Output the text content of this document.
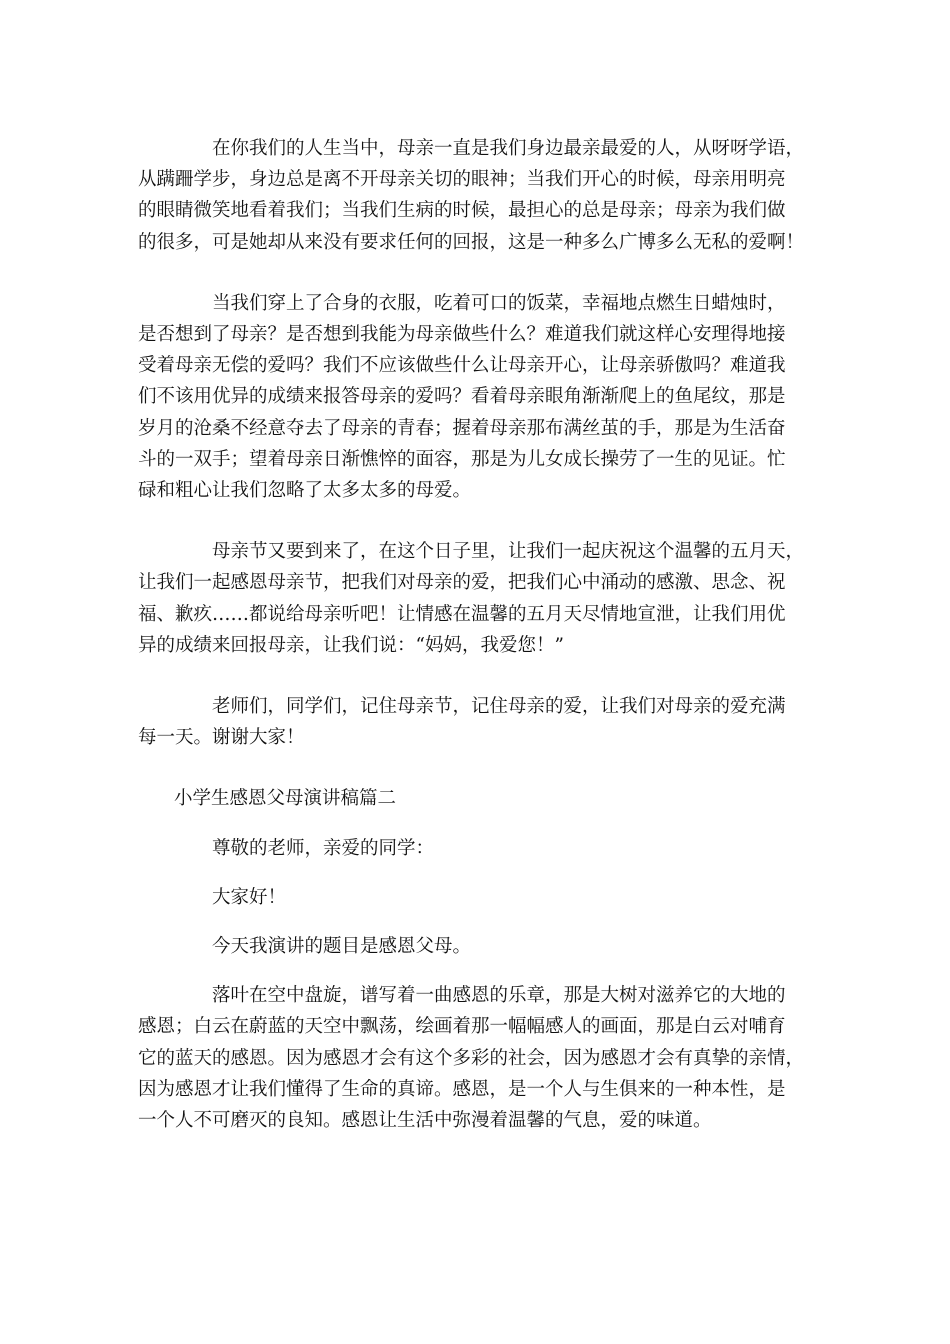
在你我们的人生当中，母亲一直是我们身边最亲最爱的人，从呀呀学语，
从蹒跚学步，身边总是离不开母亲关切的眼神；当我们开心的时候，母亲用明亮
的眼睛微笑地看着我们；当我们生病的时候，最担心的总是母亲；母亲为我们做
的很多，可是她却从来没有要求任何的回报，这是一种多么广博多么无私的爱啊！

当我们穿上了合身的衣服，吃着可口的饭菜，幸福地点燃生日蜡烛时，
是否想到了母亲？是否想到我能为母亲做些什么？难道我们就这样心安理得地接
受着母亲无偿的爱吗？我们不应该做些什么让母亲开心，让母亲骄傲吗？难道我
们不该用优异的成绩来报答母亲的爱吗？看着母亲眼角渐渐爬上的鱼尾纹，那是
岁月的沧桑不经意夺去了母亲的青春；握着母亲那布满丝茧的手，那是为生活奋
斗的一双手；望着母亲日渐憔悴的面容，那是为儿女成长操劳了一生的见证。忙
碌和粗心让我们忽略了太多太多的母爱。

母亲节又要到来了，在这个日子里，让我们一起庆祝这个温馨的五月天，
让我们一起感恩母亲节，把我们对母亲的爱，把我们心中涌动的感激、思念、祝
福、歉疚……都说给母亲听吧！让情感在温馨的五月天尽情地宣泄，让我们用优
异的成绩来回报母亲，让我们说：“妈妈，我爱您！”

老师们，同学们，记住母亲节，记住母亲的爱，让我们对母亲的爱充满
每一天。谢谢大家！

小学生感恩父母演讲稿篇二

尊敬的老师，亲爱的同学：

大家好！

今天我演讲的题目是感恩父母。

落叶在空中盘旋，谱写着一曲感恩的乐章，那是大树对滋养它的大地的
感恩；白云在蔚蓝的天空中飘荡，绘画着那一幅幅感人的画面，那是白云对哺育
它的蓝天的感恩。因为感恩才会有这个多彩的社会，因为感恩才会有真挚的亲情，
因为感恩才让我们懂得了生命的真谛。感恩，是一个人与生俱来的一种本性，是
一个人不可磨灭的良知。感恩让生活中弥漫着温馨的气息，爱的味道。
